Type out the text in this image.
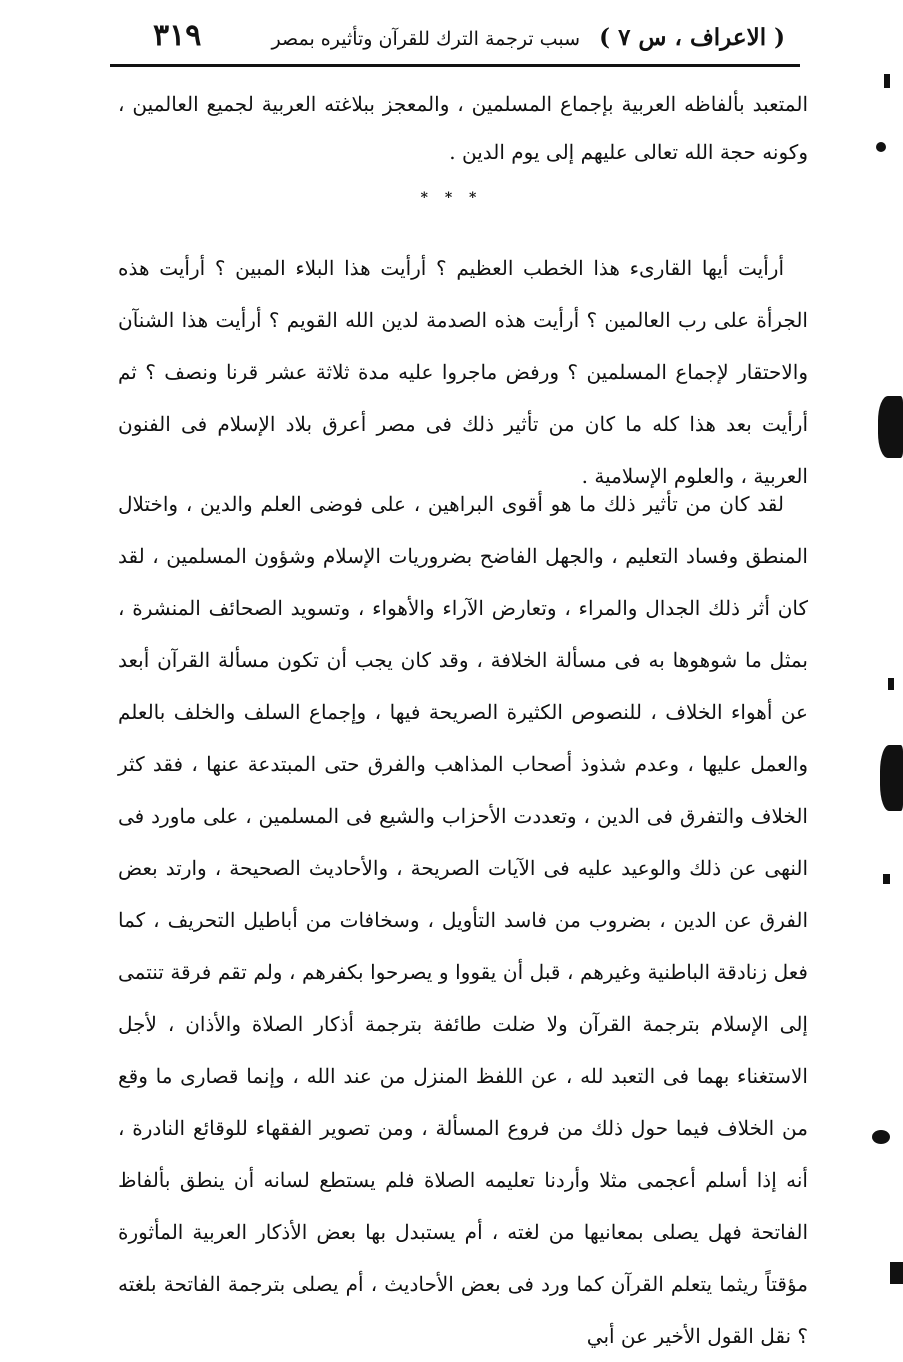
( الاعراف ، س ٧ )
سبب ترجمة الترك للقرآن وتأثيره بمصر
٣١٩
المتعبد بألفاظه العربية بإجماع المسلمين ، والمعجز ببلاغته العربية لجميع العالمين ، وكونه حجة الله تعالى عليهم إلى يوم الدين .
* * *
أرأيت أيها القارىء هذا الخطب العظيم ؟ أرأيت هذا البلاء المبين ؟ أرأيت هذه الجرأة على رب العالمين ؟ أرأيت هذه الصدمة لدين الله القويم ؟ أرأيت هذا الشنآن والاحتقار لإجماع المسلمين ؟ ورفض ماجروا عليه مدة ثلاثة عشر قرنا ونصف ؟ ثم أرأيت بعد هذا كله ما كان من تأثير ذلك فى مصر أعرق بلاد الإسلام فى الفنون العربية ، والعلوم الإسلامية .
لقد كان من تأثير ذلك ما هو أقوى البراهين ، على فوضى العلم والدين ، واختلال المنطق وفساد التعليم ، والجهل الفاضح بضروريات الإسلام وشؤون المسلمين ، لقد كان أثر ذلك الجدال والمراء ، وتعارض الآراء والأهواء ، وتسويد الصحائف المنشرة ، بمثل ما شوهوها به فى مسألة الخلافة ، وقد كان يجب أن تكون مسألة القرآن أبعد عن أهواء الخلاف ، للنصوص الكثيرة الصريحة فيها ، وإجماع السلف والخلف بالعلم والعمل عليها ، وعدم شذوذ أصحاب المذاهب والفرق حتى المبتدعة عنها ، فقد كثر الخلاف والتفرق فى الدين ، وتعددت الأحزاب والشيع فى المسلمين ، على ماورد فى النهى عن ذلك والوعيد عليه فى الآيات الصريحة ، والأحاديث الصحيحة ، وارتد بعض الفرق عن الدين ، بضروب من فاسد التأويل ، وسخافات من أباطيل التحريف ، كما فعل زنادقة الباطنية وغيرهم ، قبل أن يقووا و يصرحوا بكفرهم ، ولم تقم فرقة تنتمى إلى الإسلام بترجمة القرآن ولا ضلت طائفة بترجمة أذكار الصلاة والأذان ، لأجل الاستغناء بهما فى التعبد لله ، عن اللفظ المنزل من عند الله ، وإنما قصارى ما وقع من الخلاف فيما حول ذلك من فروع المسألة ، ومن تصوير الفقهاء للوقائع النادرة ، أنه إذا أسلم أعجمى مثلا وأردنا تعليمه الصلاة فلم يستطع لسانه أن ينطق بألفاظ الفاتحة فهل يصلى بمعانيها من لغته ، أم يستبدل بها بعض الأذكار العربية المأثورة مؤقتاً ريثما يتعلم القرآن كما ورد فى بعض الأحاديث ، أم يصلى بترجمة الفاتحة بلغته ؟ نقل القول الأخير عن أبي
